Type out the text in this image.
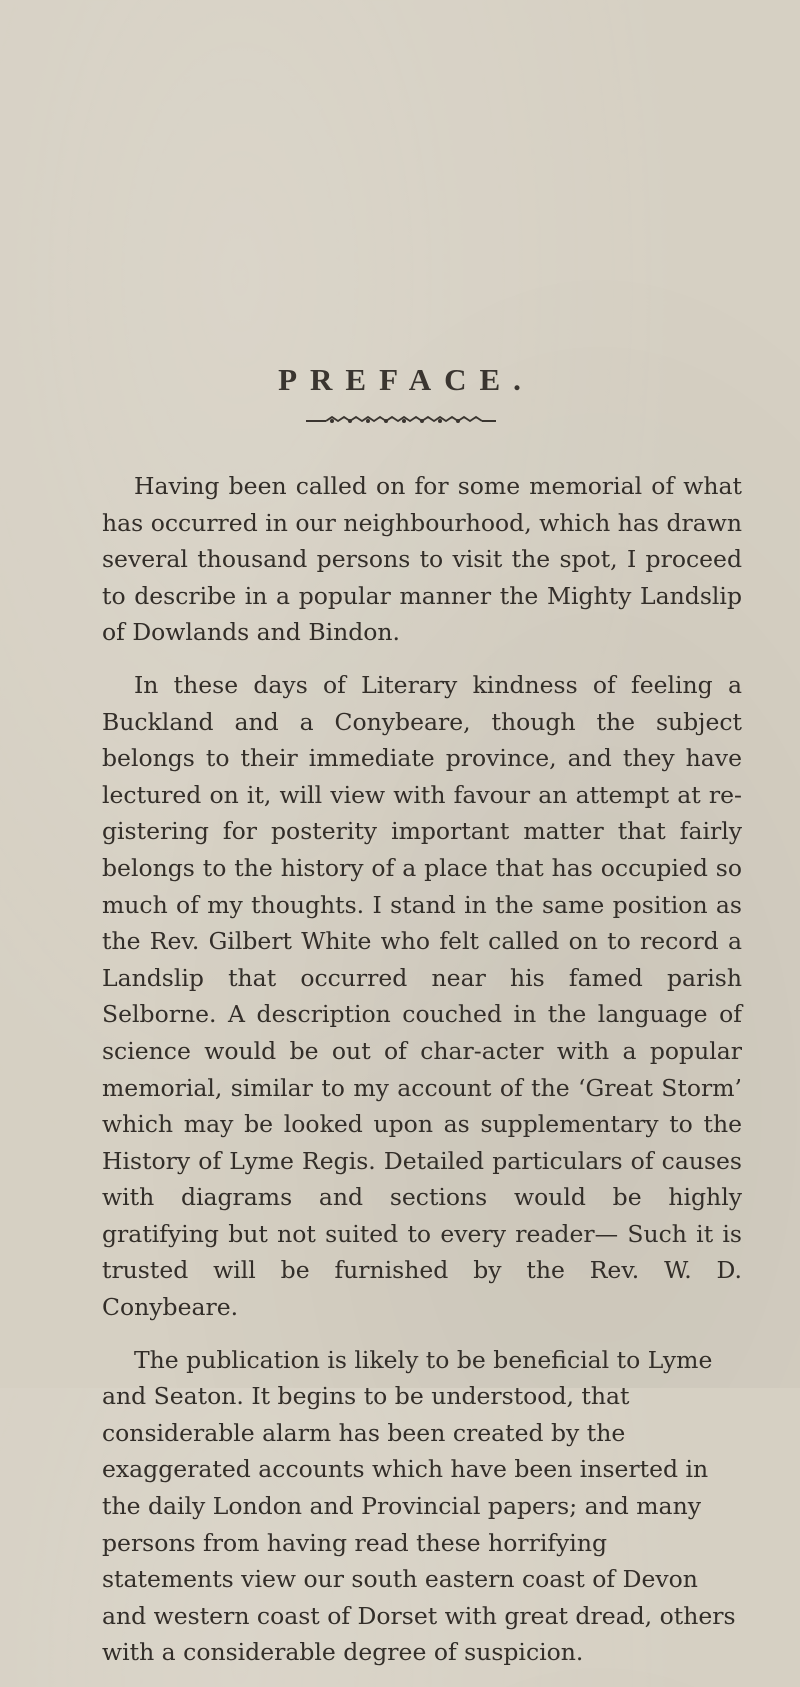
PREFACE.

Having been called on for some memorial of what has occurred in our neighbourhood, which has drawn several thousand persons to visit the spot, I proceed to describe in a popular manner the Mighty Landslip of Dowlands and Bindon.

In these days of Literary kindness of feeling a Buckland and a Conybeare, though the subject belongs to their immediate province, and they have lectured on it, will view with favour an attempt at re-gistering for posterity important matter that fairly belongs to the history of a place that has occupied so much of my thoughts. I stand in the same position as the Rev. Gilbert White who felt called on to record a Landslip that occurred near his famed parish Selborne. A description couched in the language of science would be out of char-acter with a popular memorial, similar to my account of the ‘Great Storm’ which may be looked upon as supplementary to the History of Lyme Regis. Detailed particulars of causes with diagrams and sections would be highly gratifying but not suited to every reader— Such it is trusted will be furnished by the Rev. W. D. Conybeare.

The publication is likely to be beneficial to Lyme and Seaton. It begins to be understood, that considerable alarm has been created by the exaggerated accounts which have been inserted in the daily London and Provincial papers; and many persons from having read these horrifying statements view our south eastern coast of Devon and western coast of Dorset with great dread, others with a considerable degree of suspicion.
